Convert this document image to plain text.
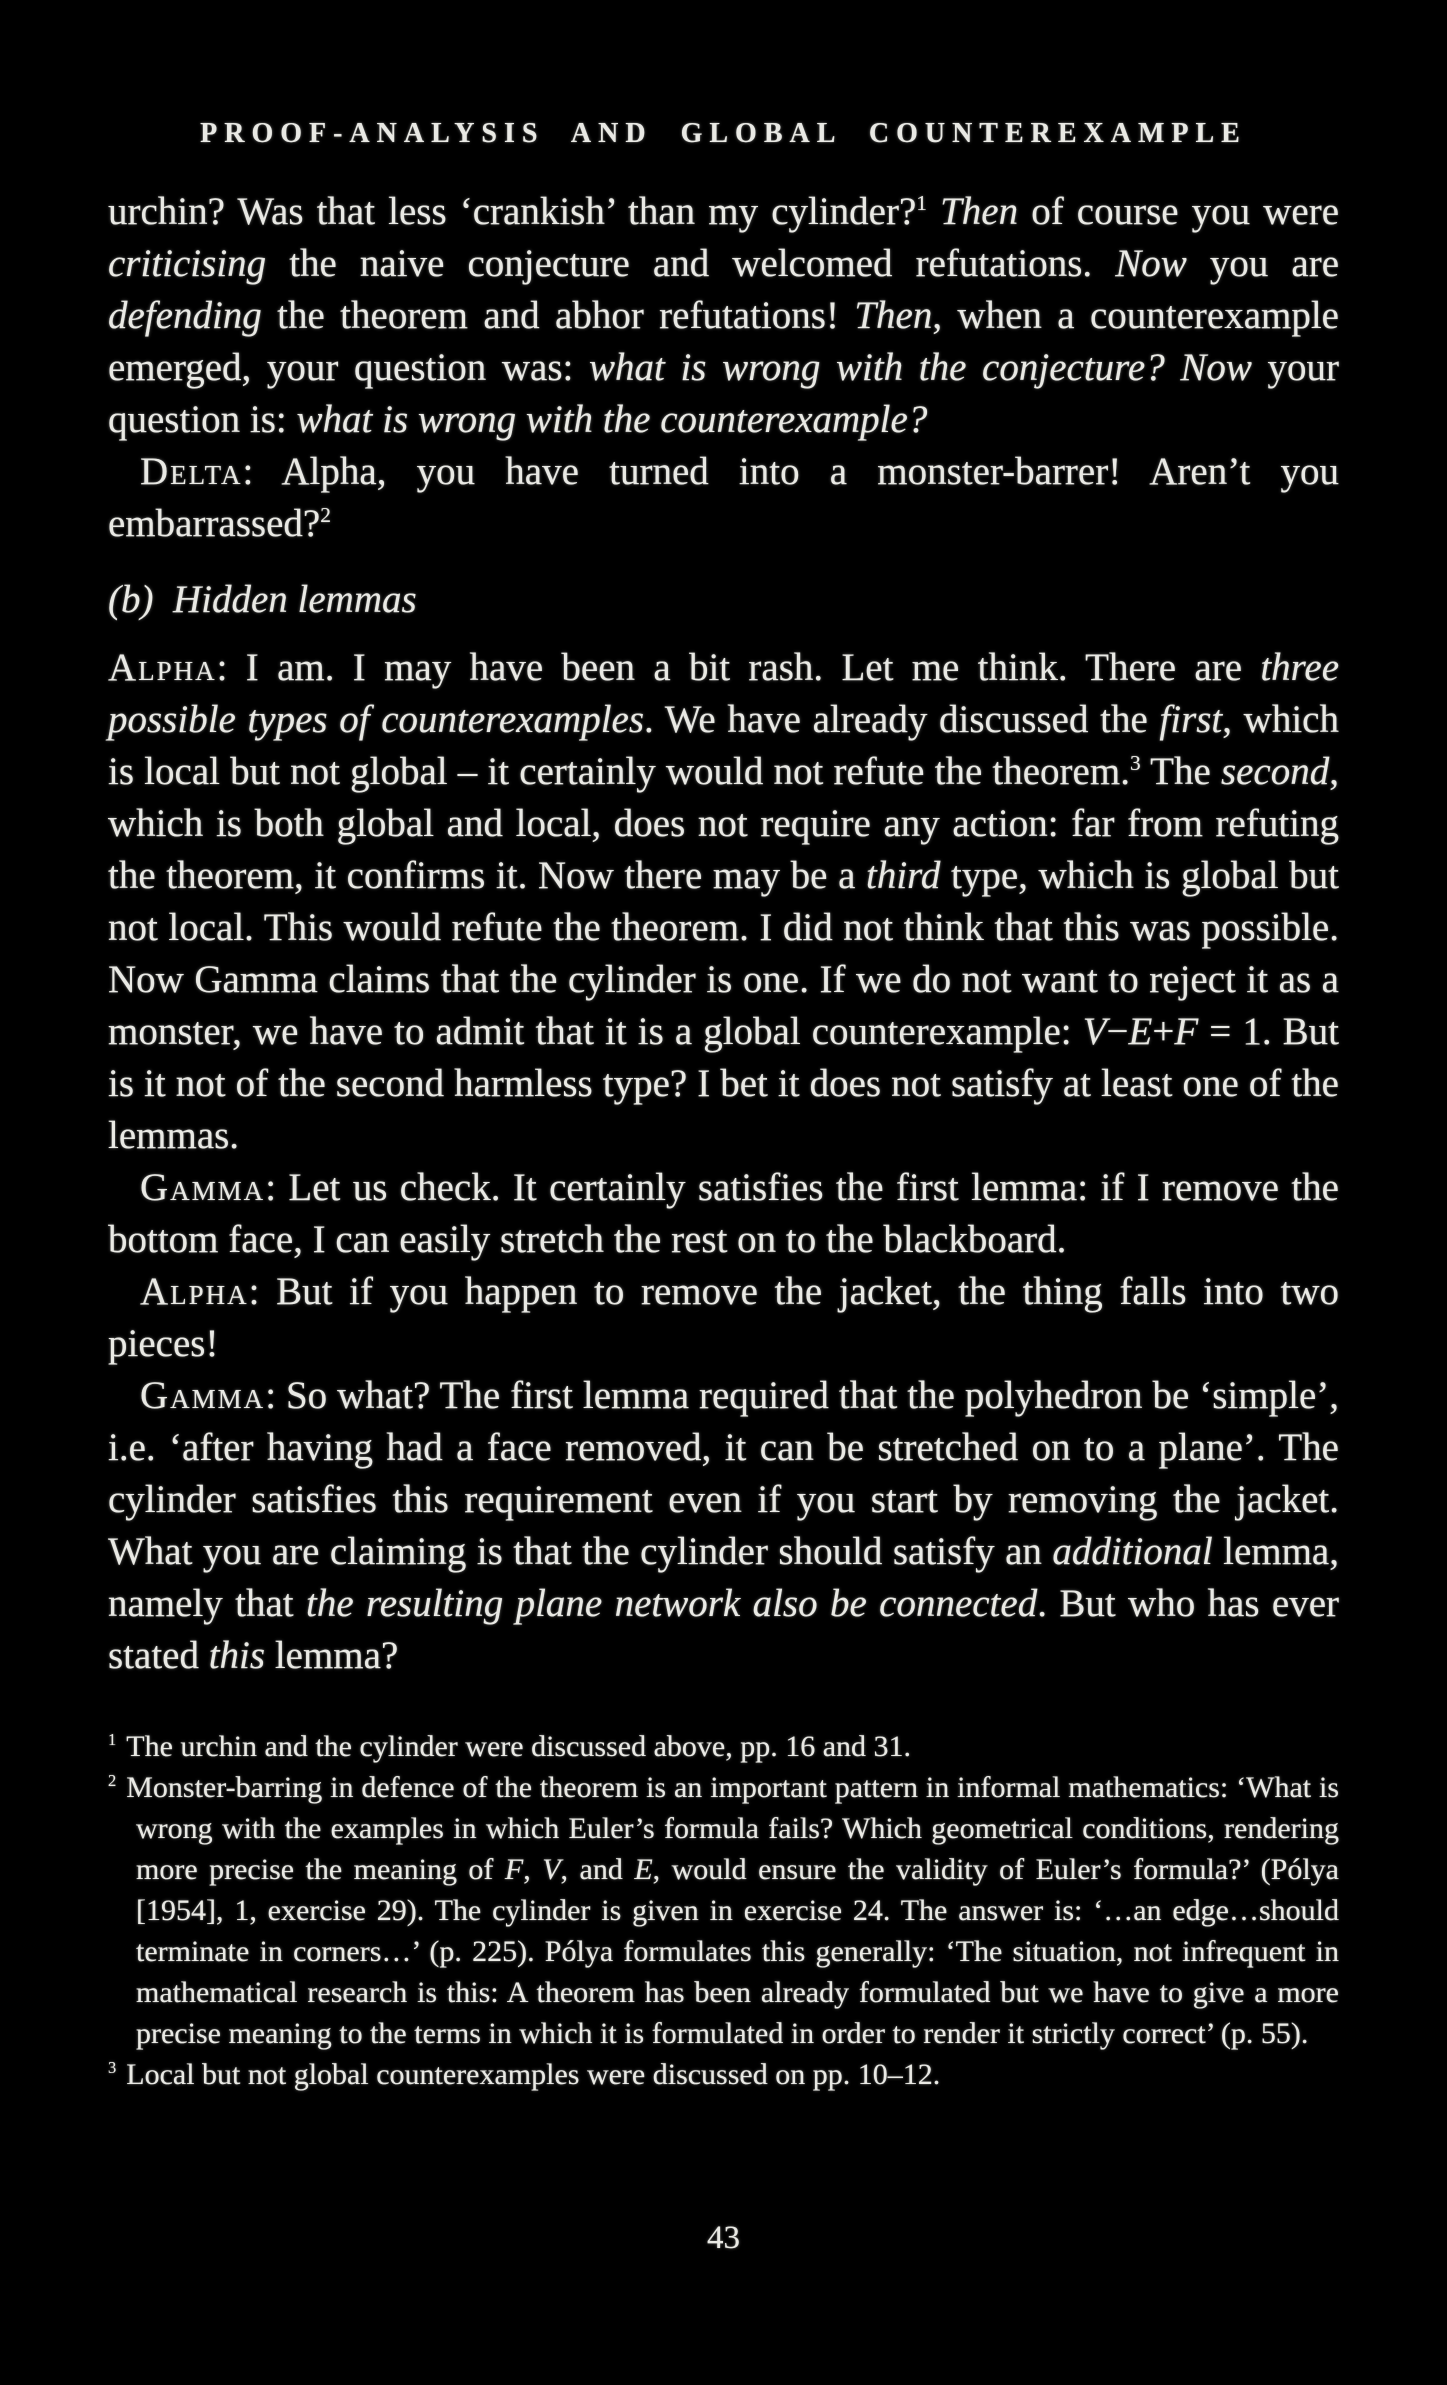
PROOF-ANALYSIS AND GLOBAL COUNTEREXAMPLE

urchin? Was that less ‘crankish’ than my cylinder?$^1$ Then of course you were criticising the naive conjecture and welcomed refutations. Now you are defending the theorem and abhor refutations! Then, when a counterexample emerged, your question was: what is wrong with the conjecture? Now your question is: what is wrong with the counterexample?

Delta: Alpha, you have turned into a monster-barrer! Aren’t you embarrassed?$^2$

(b) Hidden lemmas

Alpha: I am. I may have been a bit rash. Let me think. There are three possible types of counterexamples. We have already discussed the first, which is local but not global – it certainly would not refute the theorem.$^3$ The second, which is both global and local, does not require any action: far from refuting the theorem, it confirms it. Now there may be a third type, which is global but not local. This would refute the theorem. I did not think that this was possible. Now Gamma claims that the cylinder is one. If we do not want to reject it as a monster, we have to admit that it is a global counterexample: V−E+F = 1. But is it not of the second harmless type? I bet it does not satisfy at least one of the lemmas.

Gamma: Let us check. It certainly satisfies the first lemma: if I remove the bottom face, I can easily stretch the rest on to the blackboard.

Alpha: But if you happen to remove the jacket, the thing falls into two pieces!

Gamma: So what? The first lemma required that the polyhedron be ‘simple’, i.e. ‘after having had a face removed, it can be stretched on to a plane’. The cylinder satisfies this requirement even if you start by removing the jacket. What you are claiming is that the cylinder should satisfy an additional lemma, namely that the resulting plane network also be connected. But who has ever stated this lemma?

$^1$ The urchin and the cylinder were discussed above, pp. 16 and 31.

$^2$ Monster-barring in defence of the theorem is an important pattern in informal mathematics: ‘What is wrong with the examples in which Euler’s formula fails? Which geometrical conditions, rendering more precise the meaning of F, V, and E, would ensure the validity of Euler’s formula?’ (Pólya [1954], 1, exercise 29). The cylinder is given in exercise 24. The answer is: ‘…an edge…should terminate in corners…’ (p. 225). Pólya formulates this generally: ‘The situation, not infrequent in mathematical research is this: A theorem has been already formulated but we have to give a more precise meaning to the terms in which it is formulated in order to render it strictly correct’ (p. 55).

$^3$ Local but not global counterexamples were discussed on pp. 10–12.

43
